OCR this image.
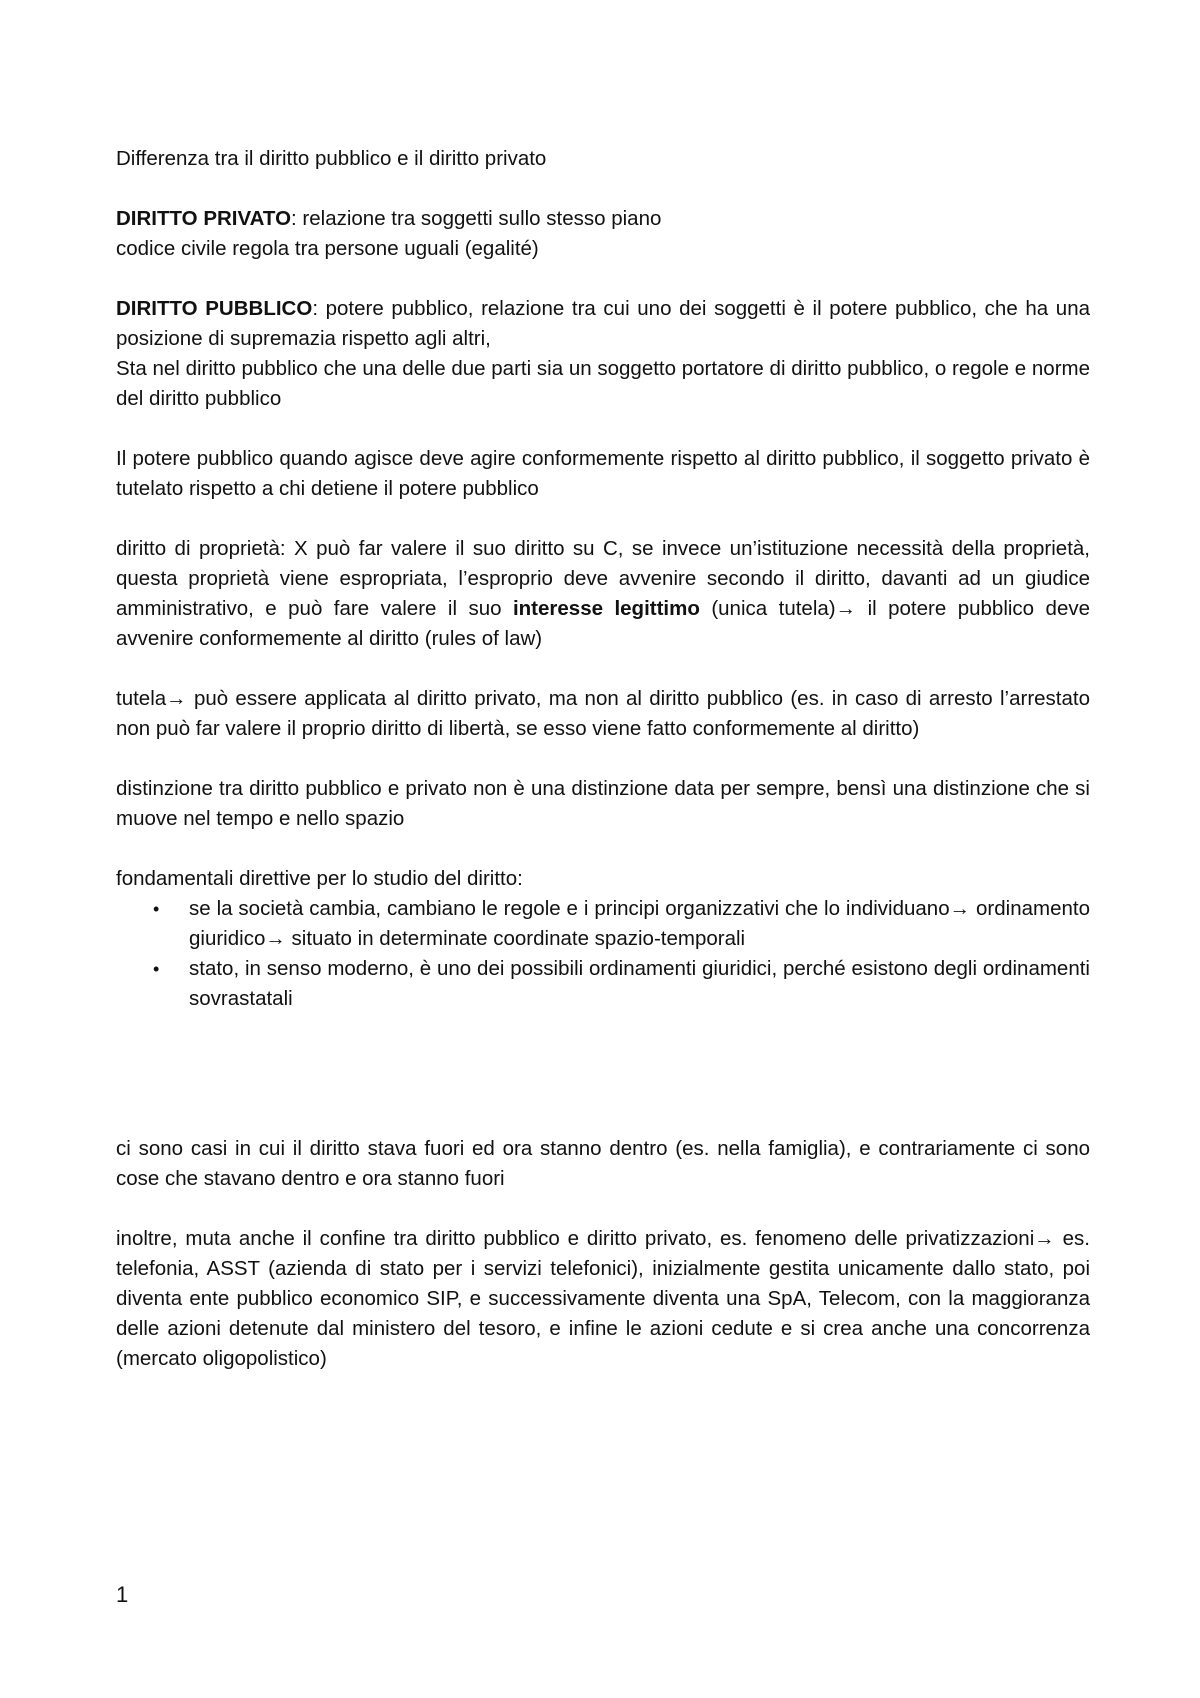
Differenza tra il diritto pubblico e il diritto privato

DIRITTO PRIVATO: relazione tra soggetti sullo stesso piano
codice civile regola tra persone uguali (egalité)

DIRITTO PUBBLICO: potere pubblico, relazione tra cui uno dei soggetti è il potere pubblico, che ha una posizione di supremazia rispetto agli altri,
Sta nel diritto pubblico che una delle due parti sia un soggetto portatore di diritto pubblico, o regole e norme del diritto pubblico

Il potere pubblico quando agisce deve agire conformemente rispetto al diritto pubblico, il soggetto privato è tutelato rispetto a chi detiene il potere pubblico

diritto di proprietà: X può far valere il suo diritto su C, se invece un’istituzione necessità della proprietà, questa proprietà viene espropriata, l’esproprio deve avvenire secondo il diritto, davanti ad un giudice amministrativo, e può fare valere il suo interesse legittimo (unica tutela)→ il potere pubblico deve avvenire conformemente al diritto (rules of law)

tutela→ può essere applicata al diritto privato, ma non al diritto pubblico (es. in caso di arresto l’arrestato non può far valere il proprio diritto di libertà, se esso viene fatto conformemente al diritto)

distinzione tra diritto pubblico e privato non è una distinzione data per sempre, bensì una distinzione che si muove nel tempo e nello spazio

fondamentali direttive per lo studio del diritto:
• se la società cambia, cambiano le regole e i principi organizzativi che lo individuano→ ordinamento giuridico→ situato in determinate coordinate spazio-temporali
• stato, in senso moderno, è uno dei possibili ordinamenti giuridici, perché esistono degli ordinamenti sovrastatali

ci sono casi in cui il diritto stava fuori ed ora stanno dentro (es. nella famiglia), e contrariamente ci sono cose che stavano dentro e ora stanno fuori

inoltre, muta anche il confine tra diritto pubblico e diritto privato, es. fenomeno delle privatizzazioni→ es. telefonia, ASST (azienda di stato per i servizi telefonici), inizialmente gestita unicamente dallo stato, poi diventa ente pubblico economico SIP, e successivamente diventa una SpA, Telecom, con la maggioranza delle azioni detenute dal ministero del tesoro, e infine le azioni cedute e si crea anche una concorrenza (mercato oligopolistico)

1
